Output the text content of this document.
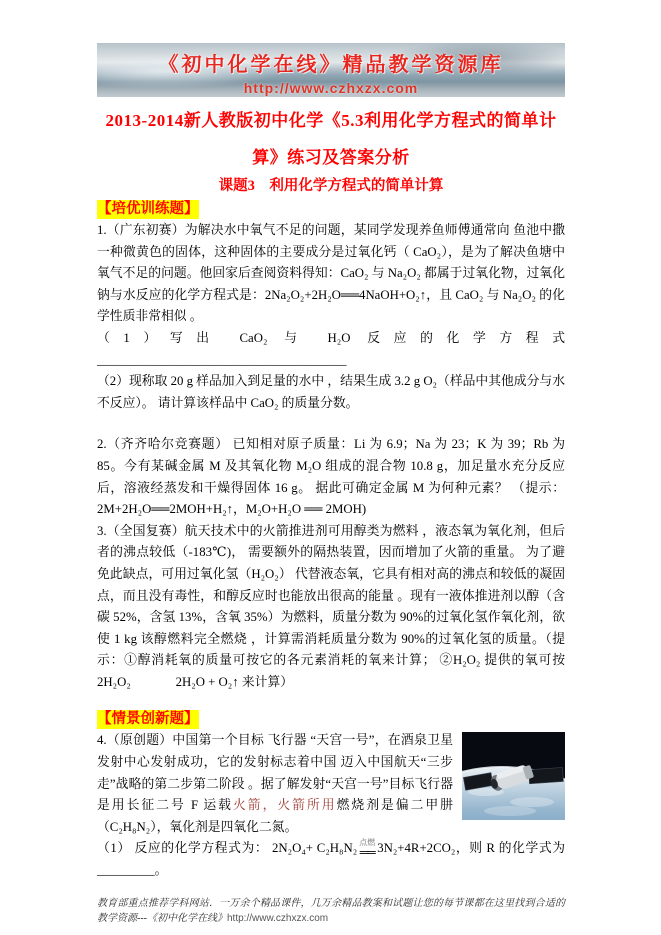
《初中化学在线》精品教学资源库
http://www.czhxzx.com
2013-2014新人教版初中化学《5.3利用化学方程式的简单计算》练习及答案分析
课题3　利用化学方程式的简单计算
【培优训练题】

1.（广东初赛）为解决水中氧气不足的问题，某同学发现养鱼师傅通常向 鱼池中撒一种微黄色的固体，这种固体的主要成分是过氧化钙（ CaO₂），是为了解决鱼塘中氧气不足的问题。他回家后查阅资料得知：CaO₂ 与 Na₂O₂ 都属于过氧化物，过氧化钠与水反应的化学方程式是：2Na₂O₂+2H₂O══4NaOH+O₂↑，且 CaO₂ 与 Na₂O₂ 的化学性质非常相似 。

（1）写出 CaO₂ 与 H₂O 反应的化学方程式 _______________________________________

（2）现称取 20 g 样品加入到足量的水中 ，结果生成 3.2 g O₂（样品中其他成分与水不反应）。 请计算该样品中 CaO₂ 的质量分数。

2.（齐齐哈尔竞赛题） 已知相对原子质量：Li 为 6.9；Na 为 23；K 为 39；Rb 为 85。今有某碱金属 M 及其氧化物 M₂O 组成的混合物 10.8 g，加足量水充分反应后，溶液经蒸发和干燥得固体 16 g。 据此可确定金属 M 为何种元素？ （提示：2M+2H₂O══2MOH+H₂↑，M₂O+H₂O ══ 2MOH)

3.（全国复赛）航天技术中的火箭推进剂可用醇类为燃料 ，液态氧为氧化剂，但后者的沸点较低（-183℃)， 需要额外的隔热装置，因而增加了火箭的重量。 为了避免此缺点，可用过氧化氢（H₂O₂） 代替液态氧，它具有相对高的沸点和较低的凝固点，而且没有毒性，和醇反应时也能放出很高的能量 。现有一液体推进剂以醇（含碳 52%，含氢 13%，含氧 35%）为燃料，质量分数为 90%的过氧化氢作氧化剂，欲使 1 kg 该醇燃料完全燃烧 ，计算需消耗质量分数为 90%的过氧化氢的质量。（提示：①醇消耗氧的质量可按它的各元素消耗的氧来计算； ②H₂O₂ 提供的氧可按 2H₂O₂              2H₂O + O₂↑ 来计算）

【情景创新题】

4.（原创题）中国第一个目标 飞行器 “天宫一号”，在酒泉卫星发射中心发射成功，它的发射标志着中国 迈入中国航天“三步走”战略的第二步第二阶段 。据了解发射“天宫一号”目标飞行器是用长征二号 F 运载火箭，火箭所用燃烧剂是偏二甲肼（C₂H₈N₂），氧化剂是四氧化二氮。

（1） 反应的化学方程式为： 2N₂O₄+ C₂H₈N₂ 点燃
══ 3N₂+4R+2CO₂，则 R 的化学式为_________。

教育部重点推荐学科网站．一万余个精品课件，几万余精品教案和试题让您的每节课都在这里找到合适的教学资源---《初中化学在线》http://www.czhxzx.com
